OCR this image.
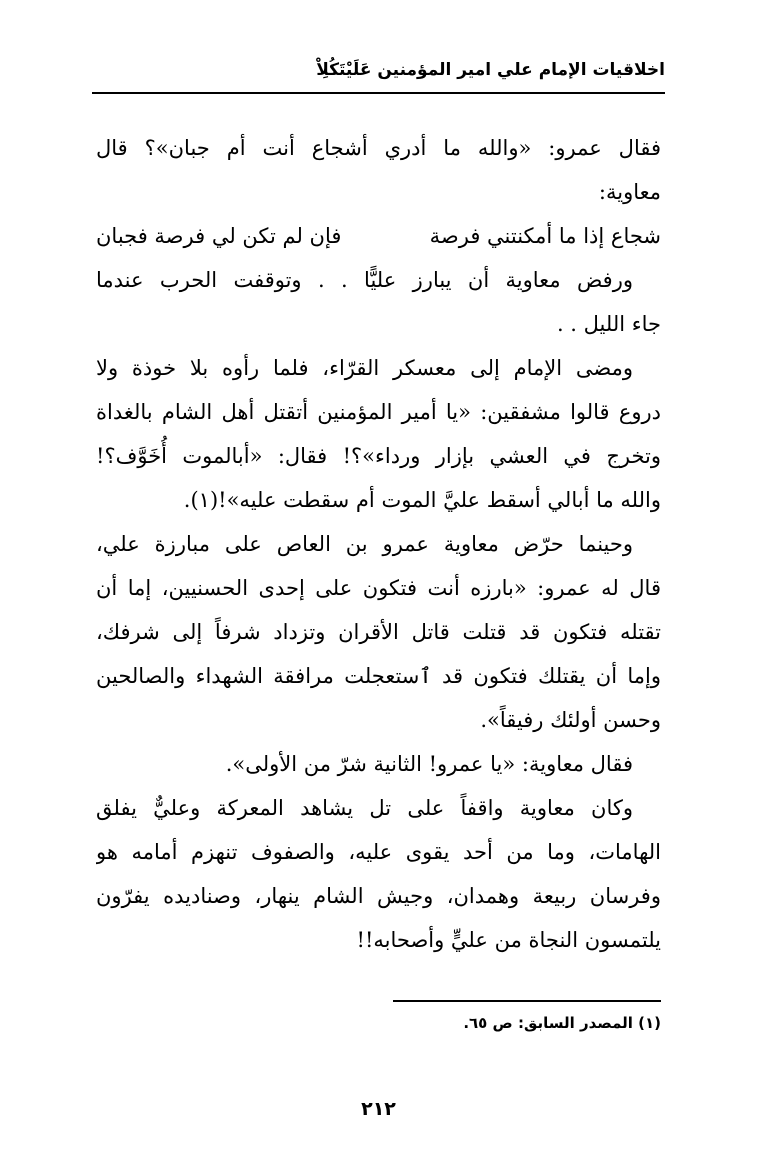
اخلاقيات الإمام علي امير المؤمنين عَلَيْتَكُلِاْ
فقال عمرو: «والله ما أدري أشجاع أنت أم جبان»؟ قال
معاوية:
شجاع إذا ما أمكنتني فرصة
فإن لم تكن لي فرصة فجبان
ورفض معاوية أن يبارز عليًّا . . وتوقفت الحرب عندما
جاء الليل . .
ومضى الإمام إلى معسكر القرّاء، فلما رأوه بلا خوذة ولا
دروع قالوا مشفقين: «يا أمير المؤمنين أتقتل أهل الشام بالغداة
وتخرج في العشي بإزار ورداء»؟! فقال: «أبالموت أُخَوَّف؟!
والله ما أبالي أسقط عليَّ الموت أم سقطت عليه»!(١).
وحينما حرّض معاوية عمرو بن العاص على مبارزة علي،
قال له عمرو: «بارزه أنت فتكون على إحدى الحسنيين، إما أن
تقتله فتكون قد قتلت قاتل الأقران وتزداد شرفاً إلى شرفك،
وإما أن يقتلك فتكون قد ٱستعجلت مرافقة الشهداء والصالحين
وحسن أولئك رفيقاً».
فقال معاوية: «يا عمرو! الثانية شرّ من الأولى».
وكان معاوية واقفاً على تل يشاهد المعركة وعليٌّ يفلق
الهامات، وما من أحد يقوى عليه، والصفوف تنهزم أمامه هو
وفرسان ربيعة وهمدان، وجيش الشام ينهار، وصناديده يفرّون
يلتمسون النجاة من عليٍّ وأصحابه!!
(١) المصدر السابق: ص ٦٥.
٢١٢
